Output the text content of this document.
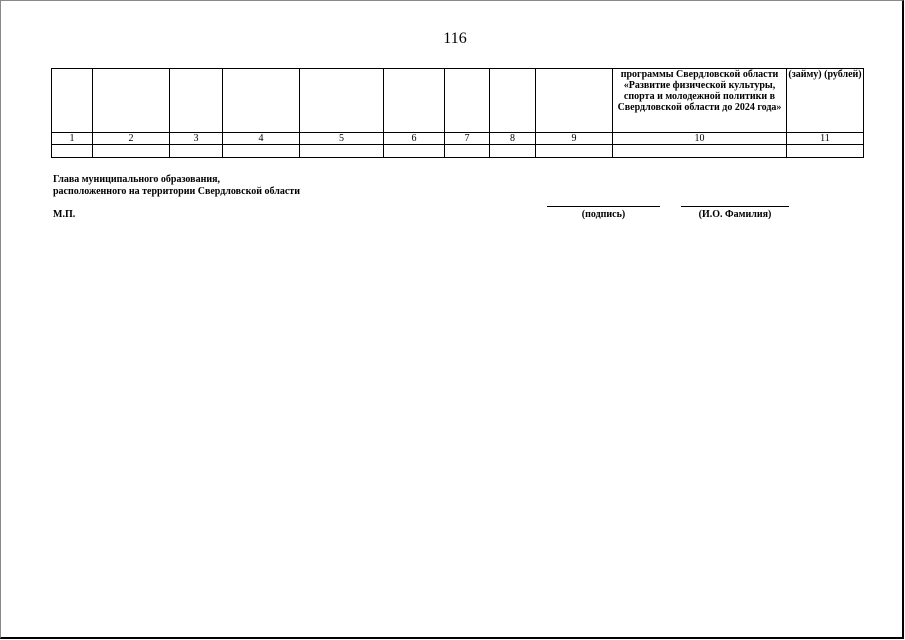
116
									программы Свердловской области «Развитие физической культуры, спорта и молодежной политики в Свердловской области до 2024 года»	(займу) (рублей)
1	2	3	4	5	6	7	8	9	10	11

Глава муниципального образования,
расположенного на территории Свердловской области
М.П.	(подпись)	(И.О. Фамилия)
